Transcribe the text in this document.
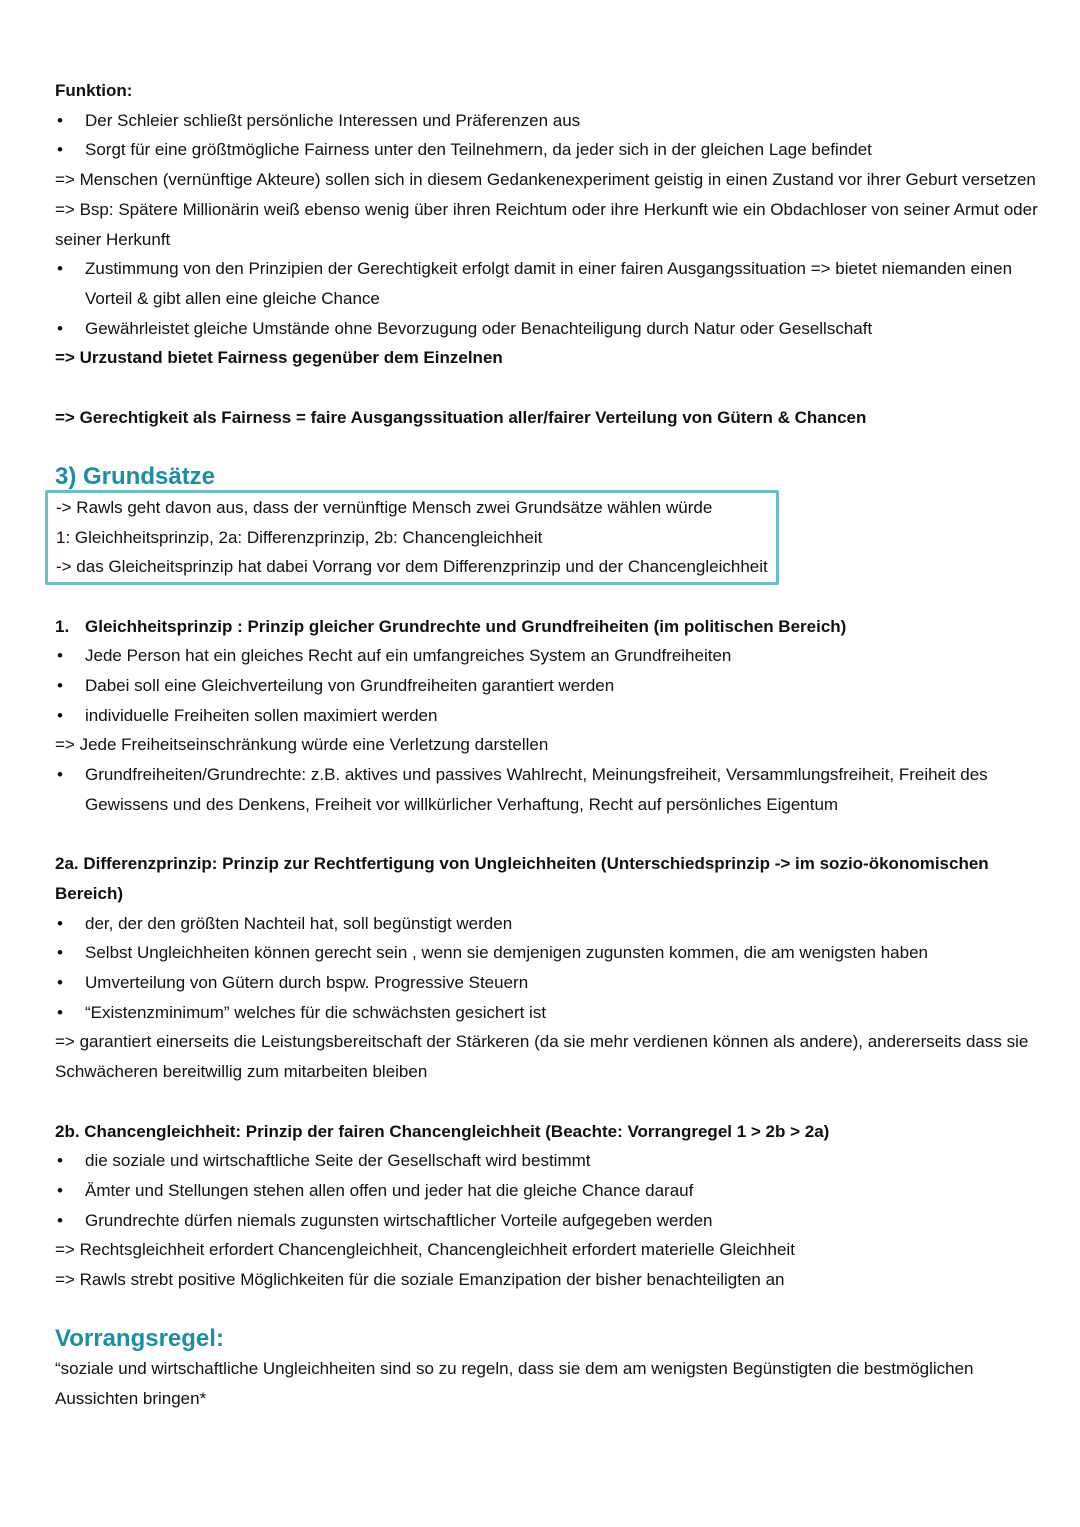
Funktion:
• Der Schleier schließt persönliche Interessen und Präferenzen aus
• Sorgt für eine größtmögliche Fairness unter den Teilnehmern, da jeder sich in der gleichen Lage befindet
=> Menschen (vernünftige Akteure) sollen sich in diesem Gedankenexperiment geistig in einen Zustand vor ihrer Geburt versetzen
=> Bsp: Spätere Millionärin weiß ebenso wenig über ihren Reichtum oder ihre Herkunft wie ein Obdachloser von seiner Armut oder seiner Herkunft
• Zustimmung von den Prinzipien der Gerechtigkeit erfolgt damit in einer fairen Ausgangssituation => bietet niemanden einen Vorteil & gibt allen eine gleiche Chance
• Gewährleistet gleiche Umstände ohne Bevorzugung oder Benachteiligung durch Natur oder Gesellschaft
=> Urzustand bietet Fairness gegenüber dem Einzelnen
=> Gerechtigkeit als Fairness = faire Ausgangssituation aller/fairer Verteilung von Gütern & Chancen
3) Grundsätze
-> Rawls geht davon aus, dass der vernünftige Mensch zwei Grundsätze wählen würde
1: Gleichheitsprinzip, 2a: Differenzprinzip, 2b: Chancengleichheit
-> das Gleicheitsprinzip hat dabei Vorrang vor dem Differenzprinzip und der Chancengleichheit
1. Gleichheitsprinzip : Prinzip gleicher Grundrechte und Grundfreiheiten (im politischen Bereich)
• Jede Person hat ein gleiches Recht auf ein umfangreiches System an Grundfreiheiten
• Dabei soll eine Gleichverteilung von Grundfreiheiten garantiert werden
• individuelle Freiheiten sollen maximiert werden
=> Jede Freiheitseinschränkung würde eine Verletzung darstellen
• Grundfreiheiten/Grundrechte: z.B. aktives und passives Wahlrecht, Meinungsfreiheit, Versammlungsfreiheit, Freiheit des Gewissens und des Denkens, Freiheit vor willkürlicher Verhaftung, Recht auf persönliches Eigentum
2a. Differenzprinzip: Prinzip zur Rechtfertigung von Ungleichheiten (Unterschiedsprinzip -> im sozio-ökonomischen Bereich)
• der, der den größten Nachteil hat, soll begünstigt werden
• Selbst Ungleichheiten können gerecht sein , wenn sie demjenigen zugunsten kommen, die am wenigsten haben
• Umverteilung von Gütern durch bspw. Progressive Steuern
• “Existenzminimum” welches für die schwächsten gesichert ist
=> garantiert einerseits die Leistungsbereitschaft der Stärkeren (da sie mehr verdienen können als andere), andererseits dass sie Schwächeren bereitwillig zum mitarbeiten bleiben
2b. Chancengleichheit: Prinzip der fairen Chancengleichheit (Beachte: Vorrangregel 1 > 2b > 2a)
• die soziale und wirtschaftliche Seite der Gesellschaft wird bestimmt
• Ämter und Stellungen stehen allen offen und jeder hat die gleiche Chance darauf
• Grundrechte dürfen niemals zugunsten wirtschaftlicher Vorteile aufgegeben werden
=> Rechtsgleichheit erfordert Chancengleichheit, Chancengleichheit erfordert materielle Gleichheit
=> Rawls strebt positive Möglichkeiten für die soziale Emanzipation der bisher benachteiligten an
Vorrangsregel:
“soziale und wirtschaftliche Ungleichheiten sind so zu regeln, dass sie dem am wenigsten Begünstigten die bestmöglichen Aussichten bringen*
